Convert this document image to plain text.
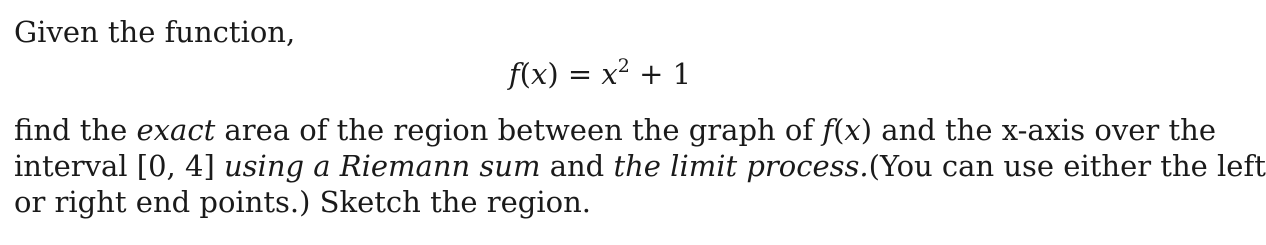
Given the function,
$f(x) = x^2 + 1$
find the exact area of the region between the graph of f(x) and the x-axis over the
interval [0, 4] using a Riemann sum and the limit process.(You can use either the left
or right end points.) Sketch the region.
